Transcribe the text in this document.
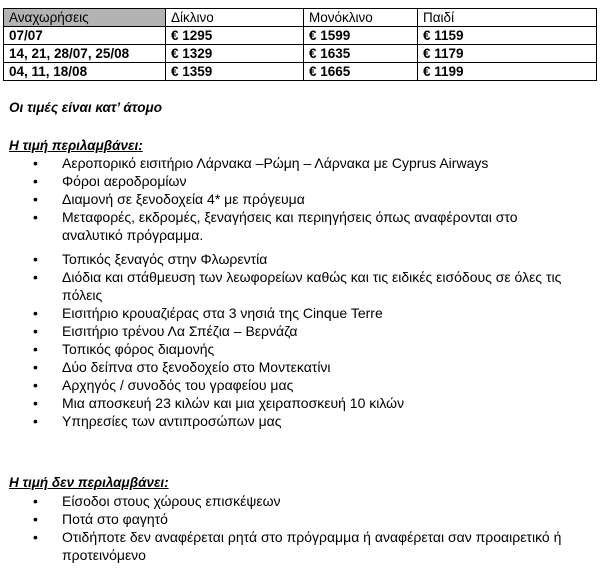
Αναχωρήσεις	Δίκλινο	Μονόκλινο	Παιδί
07/07	€ 1295	€ 1599	€ 1159
14, 21, 28/07, 25/08	€ 1329	€ 1635	€ 1179
04, 11, 18/08	€ 1359	€ 1665	€ 1199

Οι τιμές είναι κατ’ άτομο

Η τιμή περιλαμβάνει:

• Αεροπορικό εισιτήριο Λάρνακα –Ρώμη – Λάρνακα με Cyprus Airways
• Φόροι αεροδρομίων
• Διαμονή σε ξενοδοχεία 4* με πρόγευμα
• Μεταφορές, εκδρομές, ξεναγήσεις και περιηγήσεις όπως αναφέρονται στο αναλυτικό πρόγραμμα.
• Τοπικός ξεναγός στην Φλωρεντία
• Διόδια και στάθμευση των λεωφορείων καθώς και τις ειδικές εισόδους σε όλες τις πόλεις
• Εισιτήριο κρουαζιέρας στα 3 νησιά της Cinque Terre
• Εισιτήριο τρένου Λα Σπέζια – Βερνάζα
• Τοπικός φόρος διαμονής
• Δύο δείπνα στο ξενοδοχείο στο Μοντεκατίνι
• Αρχηγός / συνοδός του γραφείου μας
• Μια αποσκευή 23 κιλών και μια χειραποσκευή 10 κιλών
• Υπηρεσίες των αντιπροσώπων μας

Η τιμή δεν περιλαμβάνει:

• Είσοδοι στους χώρους επισκέψεων
• Ποτά στο φαγητό
• Οτιδήποτε δεν αναφέρεται ρητά στο πρόγραμμα ή αναφέρεται σαν προαιρετικό ή προτεινόμενο
